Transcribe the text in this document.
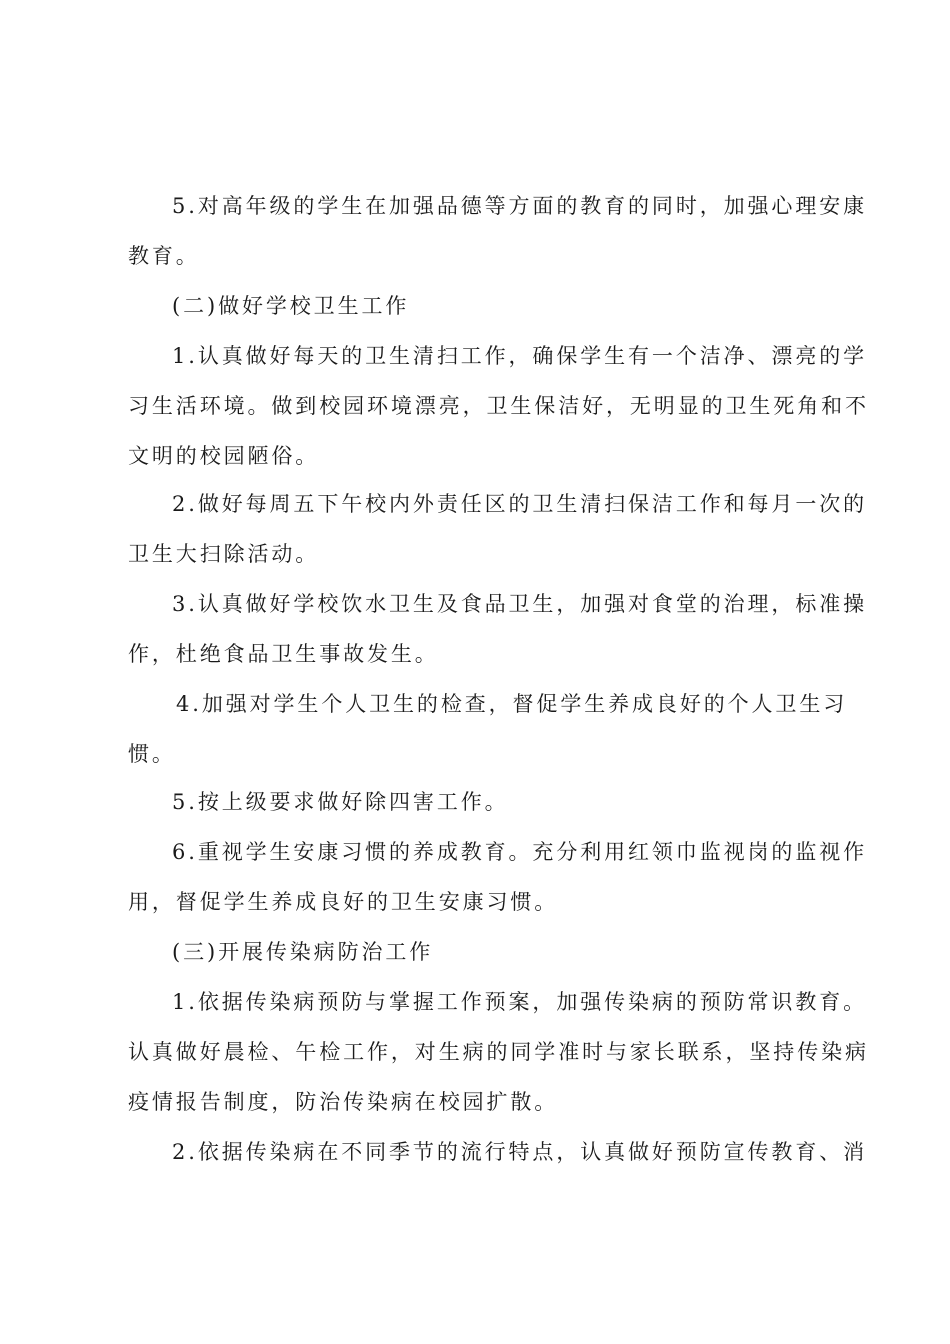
5.对高年级的学生在加强品德等方面的教育的同时，加强心理安康
教育。
(二)做好学校卫生工作
1.认真做好每天的卫生清扫工作，确保学生有一个洁净、漂亮的学
习生活环境。做到校园环境漂亮，卫生保洁好，无明显的卫生死角和不
文明的校园陋俗。
2.做好每周五下午校内外责任区的卫生清扫保洁工作和每月一次的
卫生大扫除活动。
3.认真做好学校饮水卫生及食品卫生，加强对食堂的治理，标准操
作，杜绝食品卫生事故发生。
4.加强对学生个人卫生的检查，督促学生养成良好的个人卫生习
惯。
5.按上级要求做好除四害工作。
6.重视学生安康习惯的养成教育。充分利用红领巾监视岗的监视作
用，督促学生养成良好的卫生安康习惯。
(三)开展传染病防治工作
1.依据传染病预防与掌握工作预案，加强传染病的预防常识教育。
认真做好晨检、午检工作，对生病的同学准时与家长联系，坚持传染病
疫情报告制度，防治传染病在校园扩散。
2.依据传染病在不同季节的流行特点，认真做好预防宣传教育、消
